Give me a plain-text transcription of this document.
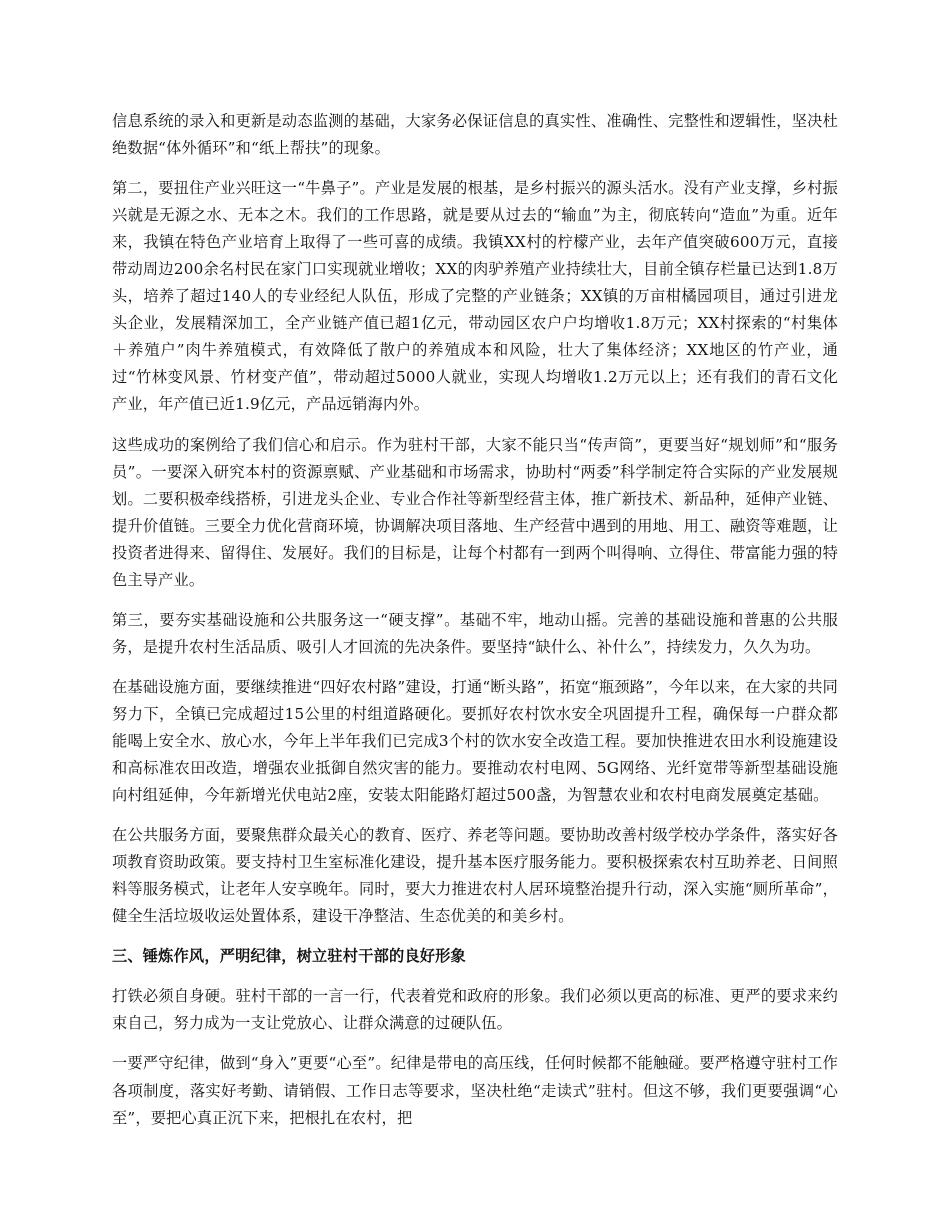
信息系统的录入和更新是动态监测的基础，大家务必保证信息的真实性、准确性、完整性和逻辑性，坚决杜绝数据“体外循环”和“纸上帮扶”的现象。

第二，要扭住产业兴旺这一“牛鼻子”。产业是发展的根基，是乡村振兴的源头活水。没有产业支撑，乡村振兴就是无源之水、无本之木。我们的工作思路，就是要从过去的“输血”为主，彻底转向“造血”为重。近年来，我镇在特色产业培育上取得了一些可喜的成绩。我镇XX村的柠檬产业，去年产值突破600万元，直接带动周边200余名村民在家门口实现就业增收；XX的肉驴养殖产业持续壮大，目前全镇存栏量已达到1.8万头，培养了超过140人的专业经纪人队伍，形成了完整的产业链条；XX镇的万亩柑橘园项目，通过引进龙头企业，发展精深加工，全产业链产值已超1亿元，带动园区农户户均增收1.8万元；XX村探索的“村集体＋养殖户”肉牛养殖模式，有效降低了散户的养殖成本和风险，壮大了集体经济；XX地区的竹产业，通过“竹林变风景、竹材变产值”，带动超过5000人就业，实现人均增收1.2万元以上；还有我们的青石文化产业，年产值已近1.9亿元，产品远销海内外。

这些成功的案例给了我们信心和启示。作为驻村干部，大家不能只当“传声筒”，更要当好“规划师”和“服务员”。一要深入研究本村的资源禀赋、产业基础和市场需求，协助村“两委”科学制定符合实际的产业发展规划。二要积极牵线搭桥，引进龙头企业、专业合作社等新型经营主体，推广新技术、新品种，延伸产业链、提升价值链。三要全力优化营商环境，协调解决项目落地、生产经营中遇到的用地、用工、融资等难题，让投资者进得来、留得住、发展好。我们的目标是，让每个村都有一到两个叫得响、立得住、带富能力强的特色主导产业。

第三，要夯实基础设施和公共服务这一“硬支撑”。基础不牢，地动山摇。完善的基础设施和普惠的公共服务，是提升农村生活品质、吸引人才回流的先决条件。要坚持“缺什么、补什么”，持续发力，久久为功。

在基础设施方面，要继续推进“四好农村路”建设，打通“断头路”，拓宽“瓶颈路”，今年以来，在大家的共同努力下，全镇已完成超过15公里的村组道路硬化。要抓好农村饮水安全巩固提升工程，确保每一户群众都能喝上安全水、放心水，今年上半年我们已完成3个村的饮水安全改造工程。要加快推进农田水利设施建设和高标准农田改造，增强农业抵御自然灾害的能力。要推动农村电网、5G网络、光纤宽带等新型基础设施向村组延伸，今年新增光伏电站2座，安装太阳能路灯超过500盏，为智慧农业和农村电商发展奠定基础。

在公共服务方面，要聚焦群众最关心的教育、医疗、养老等问题。要协助改善村级学校办学条件，落实好各项教育资助政策。要支持村卫生室标准化建设，提升基本医疗服务能力。要积极探索农村互助养老、日间照料等服务模式，让老年人安享晚年。同时，要大力推进农村人居环境整治提升行动，深入实施“厕所革命”，健全生活垃圾收运处置体系，建设干净整洁、生态优美的和美乡村。

三、锤炼作风，严明纪律，树立驻村干部的良好形象

打铁必须自身硬。驻村干部的一言一行，代表着党和政府的形象。我们必须以更高的标准、更严的要求来约束自己，努力成为一支让党放心、让群众满意的过硬队伍。

一要严守纪律，做到“身入”更要“心至”。纪律是带电的高压线，任何时候都不能触碰。要严格遵守驻村工作各项制度，落实好考勤、请销假、工作日志等要求，坚决杜绝“走读式”驻村。但这不够，我们更要强调“心至”，要把心真正沉下来，把根扎在农村，把
